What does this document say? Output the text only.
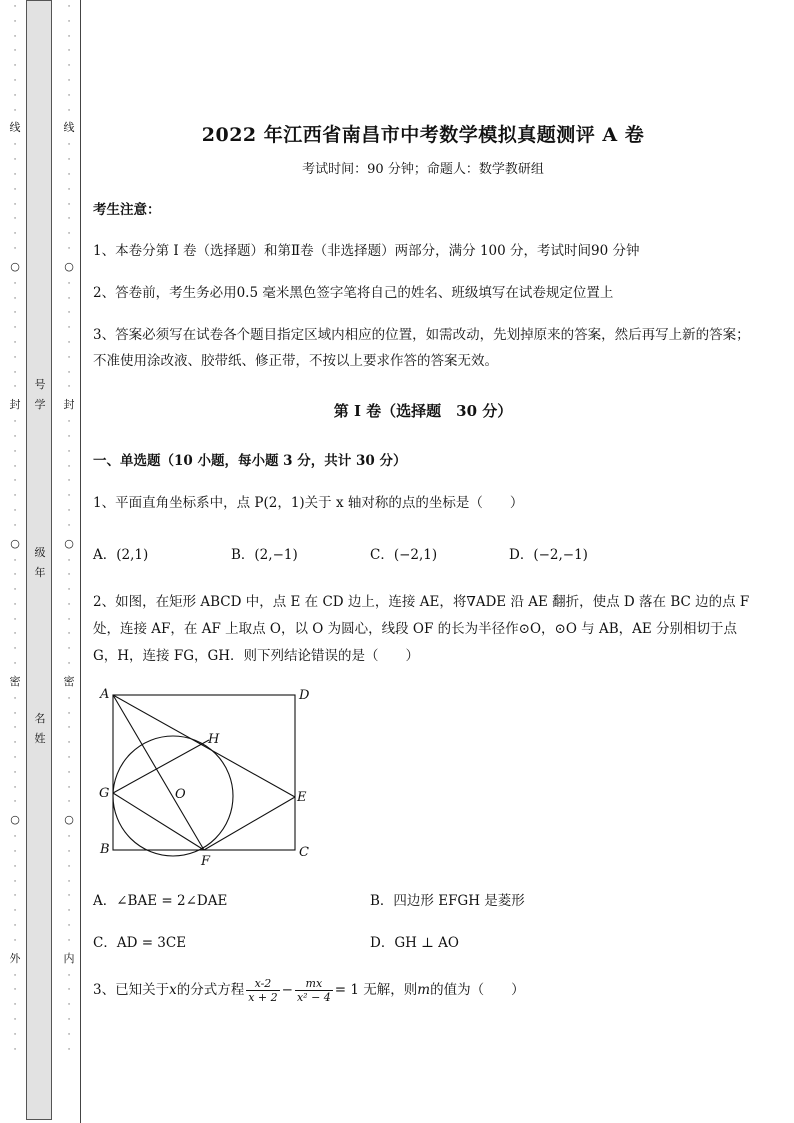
·
·
·
·
·
·
·
·
线
·
·
·
·
·
·
·
·
○
·
·
·
·
·
·
·
·
封
·
·
·
·
·
·
·
·
○
·
·
·
·
·
·
·
·
密
·
·
·
·
·
·
·
·
○
·
·
·
·
·
·
·
·
外
·
·
·
·
·
·
号
学
级
年
名
姓
·
·
·
·
·
·
·
·
线
·
·
·
·
·
·
·
·
○
·
·
·
·
·
·
·
·
封
·
·
·
·
·
·
·
·
○
·
·
·
·
·
·
·
·
密
·
·
·
·
·
·
·
·
○
·
·
·
·
·
·
·
·
内
·
·
·
·
·
·
2022 年江西省南昌市中考数学模拟真题测评 A 卷
考试时间：90 分钟；命题人：数学教研组
考生注意：
1、本卷分第 I 卷（选择题）和第Ⅱ卷（非选择题）两部分，满分 100 分，考试时间90 分钟
2、答卷前，考生务必用0.5 毫米黑色签字笔将自己的姓名、班级填写在试卷规定位置上
3、答案必须写在试卷各个题目指定区域内相应的位置，如需改动，先划掉原来的答案，然后再写上新的答案；不准使用涂改液、胶带纸、修正带，不按以上要求作答的答案无效。
第 I 卷（选择题　30 分）
一、单选题（10 小题，每小题 3 分，共计 30 分）
1、平面直角坐标系中，点 P(2，1)关于 x 轴对称的点的坐标是（　　）
A．(2,1)	B．(2,−1)	C．(−2,1)	D．(−2,−1)
2、如图，在矩形 ABCD 中，点 E 在 CD 边上，连接 AE，将∇ADE 沿 AE 翻折，使点 D 落在 BC 边的点 F 处，连接 AF，在 AF 上取点 O，以 O 为圆心，线段 OF 的长为半径作⊙O，⊙O 与 AB，AE 分别相切于点 G，H，连接 FG，GH．则下列结论错误的是（　　）
A	D
B	C
E
F
G
H
O
A．∠BAE = 2∠DAE	B．四边形 EFGH 是菱形
C．AD = 3CE	D．GH ⊥ AO
3、已知关于x的分式方程 $\frac{x-2}{x + 2} - \frac{mx}{\text{x² − 4}} = 1$ 无解，则m的值为（　　）
